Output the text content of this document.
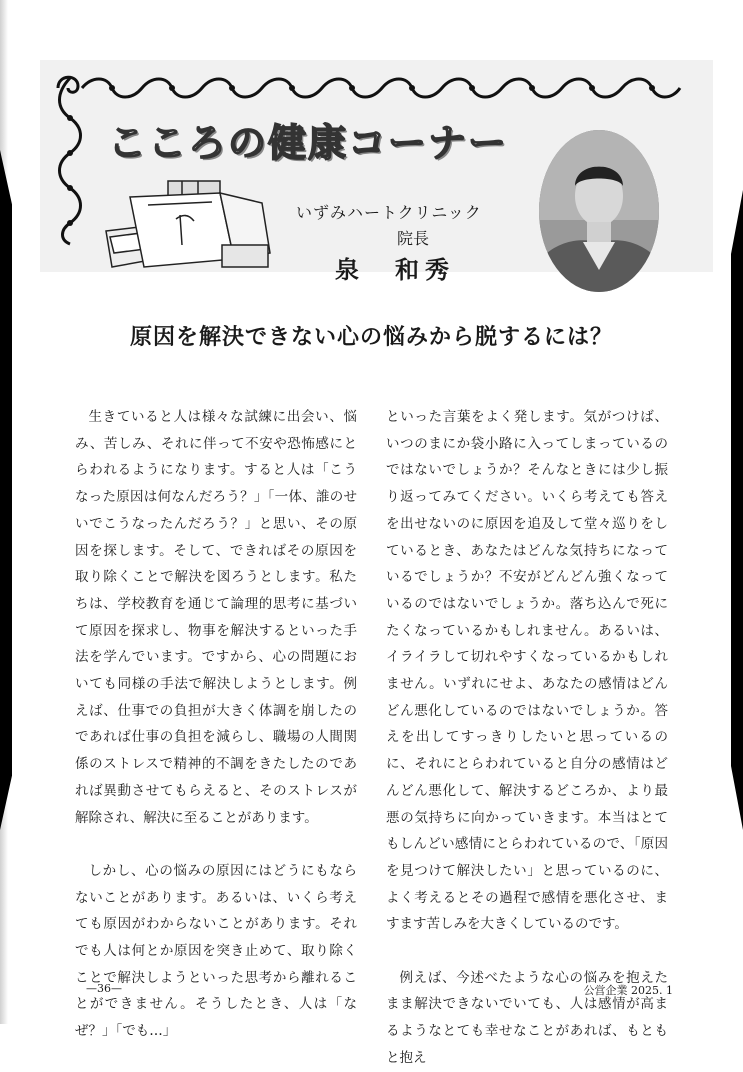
こころの健康コーナー
いずみハートクリニック
院長
泉　和秀
原因を解決できない心の悩みから脱するには？

生きていると人は様々な試練に出会い、悩み、苦しみ、それに伴って不安や恐怖感にとらわれるようになります。すると人は「こうなった原因は何なんだろう？」「一体、誰のせいでこうなったんだろう？」と思い、その原因を探します。そして、できればその原因を取り除くことで解決を図ろうとします。私たちは、学校教育を通じて論理的思考に基づいて原因を探求し、物事を解決するといった手法を学んでいます。ですから、心の問題においても同様の手法で解決しようとします。例えば、仕事での負担が大きく体調を崩したのであれば仕事の負担を減らし、職場の人間関係のストレスで精神的不調をきたしたのであれば異動させてもらえると、そのストレスが解除され、解決に至ることがあります。

しかし、心の悩みの原因にはどうにもならないことがあります。あるいは、いくら考えても原因がわからないことがあります。それでも人は何とか原因を突き止めて、取り除くことで解決しようといった思考から離れることができません。そうしたとき、人は「なぜ？」「でも…」

といった言葉をよく発します。気がつけば、いつのまにか袋小路に入ってしまっているのではないでしょうか？そんなときには少し振り返ってみてください。いくら考えても答えを出せないのに原因を追及して堂々巡りをしているとき、あなたはどんな気持ちになっているでしょうか？不安がどんどん強くなっているのではないでしょうか。落ち込んで死にたくなっているかもしれません。あるいは、イライラして切れやすくなっているかもしれません。いずれにせよ、あなたの感情はどんどん悪化しているのではないでしょうか。答えを出してすっきりしたいと思っているのに、それにとらわれていると自分の感情はどんどん悪化して、解決するどころか、より最悪の気持ちに向かっていきます。本当はとてもしんどい感情にとらわれているので、「原因を見つけて解決したい」と思っているのに、よく考えるとその過程で感情を悪化させ、ますます苦しみを大きくしているのです。

例えば、今述べたような心の悩みを抱えたまま解決できないでいても、人は感情が高まるようなとても幸せなことがあれば、もともと抱え

—36—	公営企業 2025. 1
